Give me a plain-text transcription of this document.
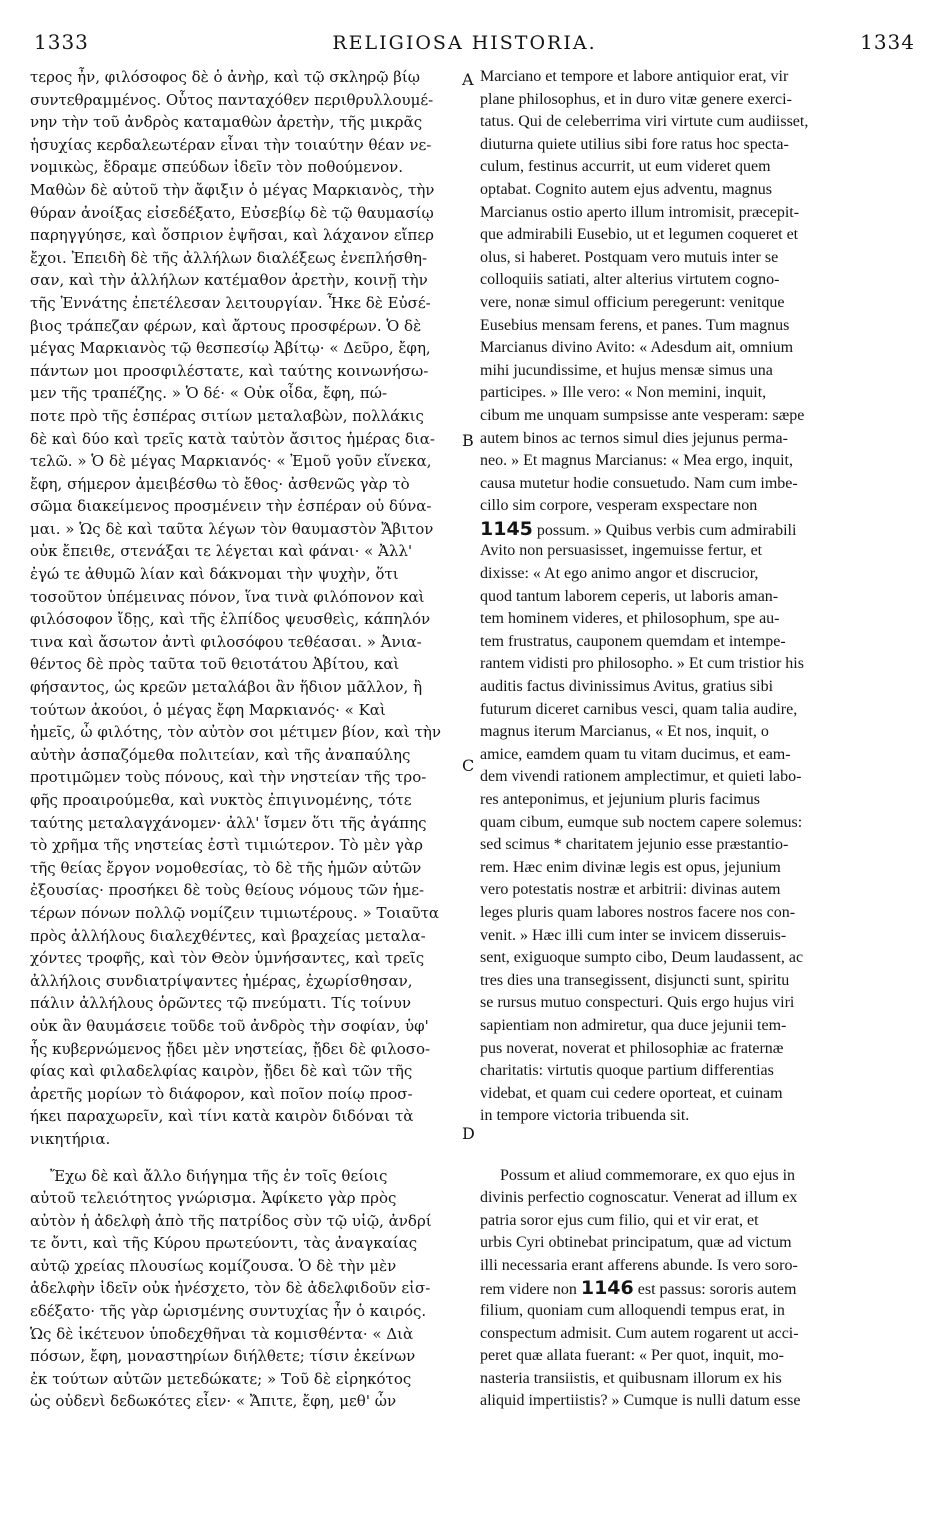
1333	RELIGIOSA HISTORIA.	1334
A
B
C
D
τερος ἦν, φιλόσοφος δὲ ὁ ἀνὴρ, καὶ τῷ σκληρῷ βίῳ
συντεθραμμένος. Οὗτος πανταχόθεν περιθρυλλουμέ-
νην τὴν τοῦ ἀνδρὸς καταμαθὼν ἀρετὴν, τῆς μικρᾶς
ἡσυχίας κερδαλεωτέραν εἶναι τὴν τοιαύτην θέαν νε-
νομικὼς, ἔδραμε σπεύδων ἰδεῖν τὸν ποθούμενον.
Μαθὼν δὲ αὐτοῦ τὴν ἄφιξιν ὁ μέγας Μαρκιανὸς, τὴν
θύραν ἀνοίξας εἰσεδέξατο, Εὐσεβίῳ δὲ τῷ θαυμασίῳ
παρηγγύησε, καὶ ὄσπριον ἑψῆσαι, καὶ λάχανον εἴπερ
ἔχοι. Ἐπειδὴ δὲ τῆς ἀλλήλων διαλέξεως ἐνεπλήσθη-
σαν, καὶ τὴν ἀλλήλων κατέμαθον ἀρετὴν, κοινῇ τὴν
τῆς Ἐννάτης ἐπετέλεσαν λειτουργίαν. Ἧκε δὲ Εὐσέ-
βιος τράπεζαν φέρων, καὶ ἄρτους προσφέρων. Ὁ δὲ
μέγας Μαρκιανὸς τῷ θεσπεσίῳ Ἀβίτῳ· « Δεῦρο, ἔφη,
πάντων μοι προσφιλέστατε, καὶ ταύτης κοινωνήσω-
μεν τῆς τραπέζης. » Ὁ δέ· « Οὐκ οἶδα, ἔφη, πώ-
ποτε πρὸ τῆς ἑσπέρας σιτίων μεταλαβὼν, πολλάκις
δὲ καὶ δύο καὶ τρεῖς κατὰ ταὐτὸν ἄσιτος ἡμέρας δια-
τελῶ. » Ὁ δὲ μέγας Μαρκιανός· « Ἐμοῦ γοῦν εἵνεκα,
ἔφη, σήμερον ἀμειβέσθω τὸ ἔθος· ἀσθενῶς γὰρ τὸ
σῶμα διακείμενος προσμένειν τὴν ἑσπέραν οὐ δύνα-
μαι. » Ὡς δὲ καὶ ταῦτα λέγων τὸν θαυμαστὸν Ἄβιτον
οὐκ ἔπειθε, στενάξαι τε λέγεται καὶ φάναι· « Ἀλλ'
ἐγώ τε ἀθυμῶ λίαν καὶ δάκνομαι τὴν ψυχὴν, ὅτι
τοσοῦτον ὑπέμεινας πόνον, ἵνα τινὰ φιλόπονον καὶ
φιλόσοφον ἴδῃς, καὶ τῆς ἐλπίδος ψευσθεὶς, κάπηλόν
τινα καὶ ἄσωτον ἀντὶ φιλοσόφου τεθέασαι. » Ἀνια-
θέντος δὲ πρὸς ταῦτα τοῦ θειοτάτου Ἀβίτου, καὶ
φήσαντος, ὡς κρεῶν μεταλάβοι ἂν ἥδιον μᾶλλον, ἢ
τούτων ἀκούοι, ὁ μέγας ἔφη Μαρκιανός· « Καὶ
ἡμεῖς, ὦ φιλότης, τὸν αὐτὸν σοι μέτιμεν βίον, καὶ τὴν
αὐτὴν ἀσπαζόμεθα πολιτείαν, καὶ τῆς ἀναπαύλης
προτιμῶμεν τοὺς πόνους, καὶ τὴν νηστείαν τῆς τρο-
φῆς προαιρούμεθα, καὶ νυκτὸς ἐπιγινομένης, τότε
ταύτης μεταλαγχάνομεν· ἀλλ' ἴσμεν ὅτι τῆς ἀγάπης
τὸ χρῆμα τῆς νηστείας ἐστὶ τιμιώτερον. Τὸ μὲν γὰρ
τῆς θείας ἔργον νομοθεσίας, τὸ δὲ τῆς ἡμῶν αὐτῶν
ἐξουσίας· προσήκει δὲ τοὺς θείους νόμους τῶν ἡμε-
τέρων πόνων πολλῷ νομίζειν τιμιωτέρους. » Τοιαῦτα
πρὸς ἀλλήλους διαλεχθέντες, καὶ βραχείας μεταλα-
χόντες τροφῆς, καὶ τὸν Θεὸν ὑμνήσαντες, καὶ τρεῖς
ἀλλήλοις συνδιατρίψαντες ἡμέρας, ἐχωρίσθησαν,
πάλιν ἀλλήλους ὁρῶντες τῷ πνεύματι. Τίς τοίνυν
οὐκ ἂν θαυμάσειε τοῦδε τοῦ ἀνδρὸς τὴν σοφίαν, ὑφ'
ἧς κυβερνώμενος ᾔδει μὲν νηστείας, ᾔδει δὲ φιλοσο-
φίας καὶ φιλαδελφίας καιρὸν, ᾔδει δὲ καὶ τῶν τῆς
ἀρετῆς μορίων τὸ διάφορον, καὶ ποῖον ποίῳ προσ-
ήκει παραχωρεῖν, καὶ τίνι κατὰ καιρὸν διδόναι τὰ
νικητήρια.
Ἔχω δὲ καὶ ἄλλο διήγημα τῆς ἐν τοῖς θείοις
αὐτοῦ τελειότητος γνώρισμα. Ἀφίκετο γὰρ πρὸς
αὐτὸν ἡ ἀδελφὴ ἀπὸ τῆς πατρίδος σὺν τῷ υἱῷ, ἀνδρί
τε ὄντι, καὶ τῆς Κύρου πρωτεύοντι, τὰς ἀναγκαίας
αὐτῷ χρείας πλουσίως κομίζουσα. Ὁ δὲ τὴν μὲν
ἀδελφὴν ἰδεῖν οὐκ ἠνέσχετο, τὸν δὲ ἀδελφιδοῦν εἰσ-
εδέξατο· τῆς γὰρ ὡρισμένης συντυχίας ἦν ὁ καιρός.
Ὡς δὲ ἱκέτευον ὑποδεχθῆναι τὰ κομισθέντα· « Διὰ
πόσων, ἔφη, μοναστηρίων διήλθετε; τίσιν ἐκείνων
ἐκ τούτων αὐτῶν μετεδώκατε; » Τοῦ δὲ εἰρηκότος
ὡς οὐδενὶ δεδωκότες εἶεν· « Ἄπιτε, ἔφη, μεθ' ὧν
Marciano et tempore et labore antiquior erat, vir
plane philosophus, et in duro vitæ genere exerci-
tatus. Qui de celeberrima viri virtute cum audiisset,
diuturna quiete utilius sibi fore ratus hoc specta-
culum, festinus accurrit, ut eum videret quem
optabat. Cognito autem ejus adventu, magnus
Marcianus ostio aperto illum intromisit, præcepit-
que admirabili Eusebio, ut et legumen coqueret et
olus, si haberet. Postquam vero mutuis inter se
colloquiis satiati, alter alterius virtutem cogno-
vere, nonæ simul officium peregerunt: venitque
Eusebius mensam ferens, et panes. Tum magnus
Marcianus divino Avito: « Adesdum ait, omnium
mihi jucundissime, et hujus mensæ simus una
participes. » Ille vero: « Non memini, inquit,
cibum me unquam sumpsisse ante vesperam: sæpe
autem binos ac ternos simul dies jejunus perma-
neo. » Et magnus Marcianus: « Mea ergo, inquit,
causa mutetur hodie consuetudo. Nam cum imbe-
cillo sim corpore, vesperam exspectare non
1145 possum. » Quibus verbis cum admirabili
Avito non persuasisset, ingemuisse fertur, et
dixisse: « At ego animo angor et discrucior,
quod tantum laborem ceperis, ut laboris aman-
tem hominem videres, et philosophum, spe au-
tem frustratus, cauponem quemdam et intempe-
rantem vidisti pro philosopho. » Et cum tristior his
auditis factus divinissimus Avitus, gratius sibi
futurum diceret carnibus vesci, quam talia audire,
magnus iterum Marcianus, « Et nos, inquit, o
amice, eamdem quam tu vitam ducimus, et eam-
dem vivendi rationem amplectimur, et quieti labo-
res anteponimus, et jejunium pluris facimus
quam cibum, eumque sub noctem capere solemus:
sed scimus * charitatem jejunio esse præstantio-
rem. Hæc enim divinæ legis est opus, jejunium
vero potestatis nostræ et arbitrii: divinas autem
leges pluris quam labores nostros facere nos con-
venit. » Hæc illi cum inter se invicem disseruis-
sent, exiguoque sumpto cibo, Deum laudassent, ac
tres dies una transegissent, disjuncti sunt, spiritu
se rursus mutuo conspecturi. Quis ergo hujus viri
sapientiam non admiretur, qua duce jejunii tem-
pus noverat, noverat et philosophiæ ac fraternæ
charitatis: virtutis quoque partium differentias
videbat, et quam cui cedere oporteat, et cuinam
in tempore victoria tribuenda sit.
Possum et aliud commemorare, ex quo ejus in
divinis perfectio cognoscatur. Venerat ad illum ex
patria soror ejus cum filio, qui et vir erat, et
urbis Cyri obtinebat principatum, quæ ad victum
illi necessaria erant afferens abunde. Is vero soro-
rem videre non 1146 est passus: sororis autem
filium, quoniam cum alloquendi tempus erat, in
conspectum admisit. Cum autem rogarent ut acci-
peret quæ allata fuerant: « Per quot, inquit, mo-
nasteria transiistis, et quibusnam illorum ex his
aliquid impertiistis? » Cumque is nulli datum esse
